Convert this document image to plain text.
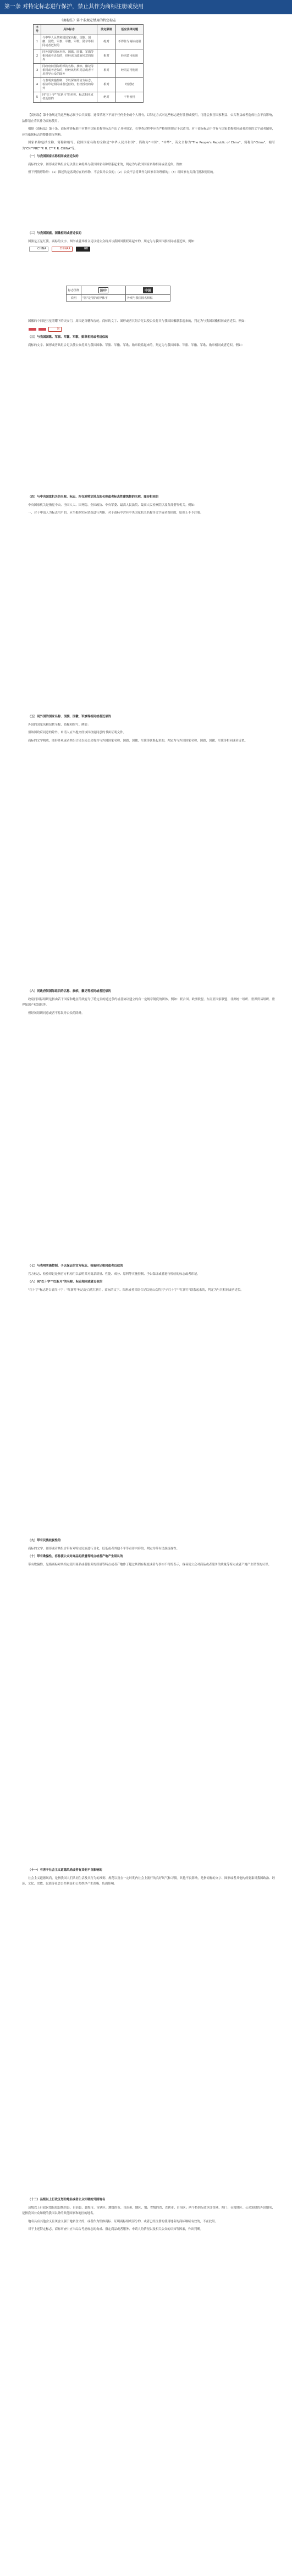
第一条 对特定标志进行保护，禁止其作为商标注册或使用
《商标法》第十条规定禁用的特定标志
序号	具体标志	法定限制	适应法律问题
1	与中华人民共和国国家名称、国旗、国徽、国歌、军旗、军徽、军歌、勋章等相同或者近似的	绝对	不得作为商标使用
2	同外国的国家名称、国旗、国徽、军旗等相同或者近似的，但经该国政府同意的除外	相对	经同意可使用
3	同政府间国际组织的名称、旗帜、徽记等相同或者近似的，但经该组织同意或者不易误导公众的除外	相对	经同意可使用
4	与表明实施控制、予以保证的官方标志、检验印记相同或者近似的，但经授权的除外	相对	经授权
5	同"红十字""红新月"的名称、标志相同或者近似的	绝对	不得使用

【商标法】第十条规定的这些标志属于公共资源，通常情况下不属于任何企业或个人所有，以特定方式对这些标志进行注册或使用，可能会损害国家利益、公共利益或者造成社会不良影响，法律禁止将其作为商标使用。

根据《商标法》第十条，商标审查标准中对其中国家名称等标志作出了具体规定，在审查过程中应当严格按照规定予以适用。对于商标标志中含有与国家名称相同或者近似的文字或者图形，应当依据标志的整体情况判断。

国家名称包括全称、简称和缩写。我国国家名称的全称是"中华人民共和国"，简称为"中国"、"中华"，英文全称为"The People's Republic of China"，简称为"China"，缩写为"CN""PRC""P. R. C""P. R. CHINA"等。

（一）与我国国家名称相同或者近似的

商标的文字、图形或者其组合足以使公众将其与我国国家名称联系起来的，判定为与我国国家名称相同或者近似。例如：

但下列情形除外：（1）描述的是客观存在的事物，不会误导公众的；（2）公众不会将其作为国家名称理解的；（3）经国家有关部门批准使用的。

（二）与我国国旗、国徽相同或者近似的

国旗是五星红旗。商标的文字、图形或者其组合足以使公众将其与我国国旗联系起来的，判定为与我国国旗相同或者近似。例如：

CHINA	CHINAR	GB

标志图样	国中	中国
说明	"国"是"国"的异体字	外观与我国国名相似

国徽的中间是五星照耀下的天安门，周围是谷穗和齿轮。商标的文字、图形或者其组合足以使公众将其与我国国徽联系起来的，判定为与我国国徽相同或者近似。例如：

国

（三）与我国国歌、军旗、军徽、军歌、勋章相同或者近似的

商标的文字、图形或者其组合足以使公众将其与我国国歌、军旗、军徽、军歌、勋章联系起来的，判定为与我国国歌、军旗、军徽、军歌、勋章相同或者近似。例如：

（四）与中央国家机关的名称、标志、所在地特定地点的名称或者标志性建筑物的名称、图形相同的

中央国家机关是指党中央、全国人大、国务院、全国政协、中央军委、最高人民法院、最高人民检察院以及各部委等机关。例如：

一、对于申请人为标志用户的，应当根据实际情况进行判断。对于商标中含有中央国家机关名称等文字或者图形的，原则上不予注册。

（五）同外国的国家名称、国旗、国徽、军旗等相同或者近似的

外国的国家名称包括全称、简称和缩写。例如：

但该国政府同意的除外。申请人应当提交经该国政府同意的书面证明文件。

商标的文字构成、图形外观或者其组合足以使公众将其与外国国家名称、国旗、国徽、军旗等联系起来的，判定为与外国国家名称、国旗、国徽、军旗等相同或者近似。

（六）同政府间国际组织的名称、旗帜、徽记等相同或者近似的

政府间国际组织是指由若干国家和地区的政府为了特定目的通过条约或者协议建立的有一定规章制度的团体。例如：联合国、欧洲联盟、东南亚国家联盟、非洲统一组织、世界贸易组织、世界知识产权组织等。

但经该组织同意或者不易误导公众的除外。

（七）与表明实施控制、予以保证的官方标志、检验印记相同或者近似的

官方标志、检验印记是指官方机构用以表明其对商品质量、性能、成分、原料等实施控制、予以保证或者进行检验的标志或者印记。

（八）同"红十字""红新月"的名称、标志相同或者近似的

"红十字"标志是白底红十字；"红新月"标志是白底红新月。商标的文字、图形或者其组合足以使公众将其与"红十字""红新月"联系起来的，判定为与其相同或者近似。

（九）带有民族歧视性的

商标的文字、图形或者其组合带有对特定民族进行丑化、贬低或者其他不平等看待内容的，判定为带有民族歧视性。

（十）带有欺骗性，容易使公众对商品的质量等特点或者产地产生误认的

带有欺骗性，是指商标对其指定使用商品或者服务的质量等特点或者产地作了超过其固有程度或者与事实不符的表示，容易使公众对商品或者服务的质量等特点或者产地产生错误的认识。

（十一）有害于社会主义道德风尚或者有其他不良影响的

社会主义道德风尚，是指我国人们共同生活及其行为的准则、规范以及在一定时期内社会上流行的良好风气和习惯。其他不良影响，是指商标的文字、图形或者其他构成要素对我国政治、经济、文化、宗教、民族等社会公共利益和公共秩序产生消极、负面影响。

（十二）县级以上行政区划的地名或者公众知晓的外国地名

县级以上行政区划包括县级的县、自治县、县级市、市辖区；地级的市、自治州、地区、盟；省级的省、直辖市、自治区；两个特别行政区即香港、澳门；台湾地区。公众知晓的外国地名，是指我国公众知晓的我国以外的其他国家和地区的地名。

地名具有其他含义且该含义强于地名含义的，或者作为集体商标、证明商标组成部分的，或者已经注册的使用地名的商标继续有效的，不在此限。

对于上述特定标志，商标审查中应当综合考虑标志的构成、指定商品或者服务、申请人的情况以及相关公众的认知等因素，作出判断。
